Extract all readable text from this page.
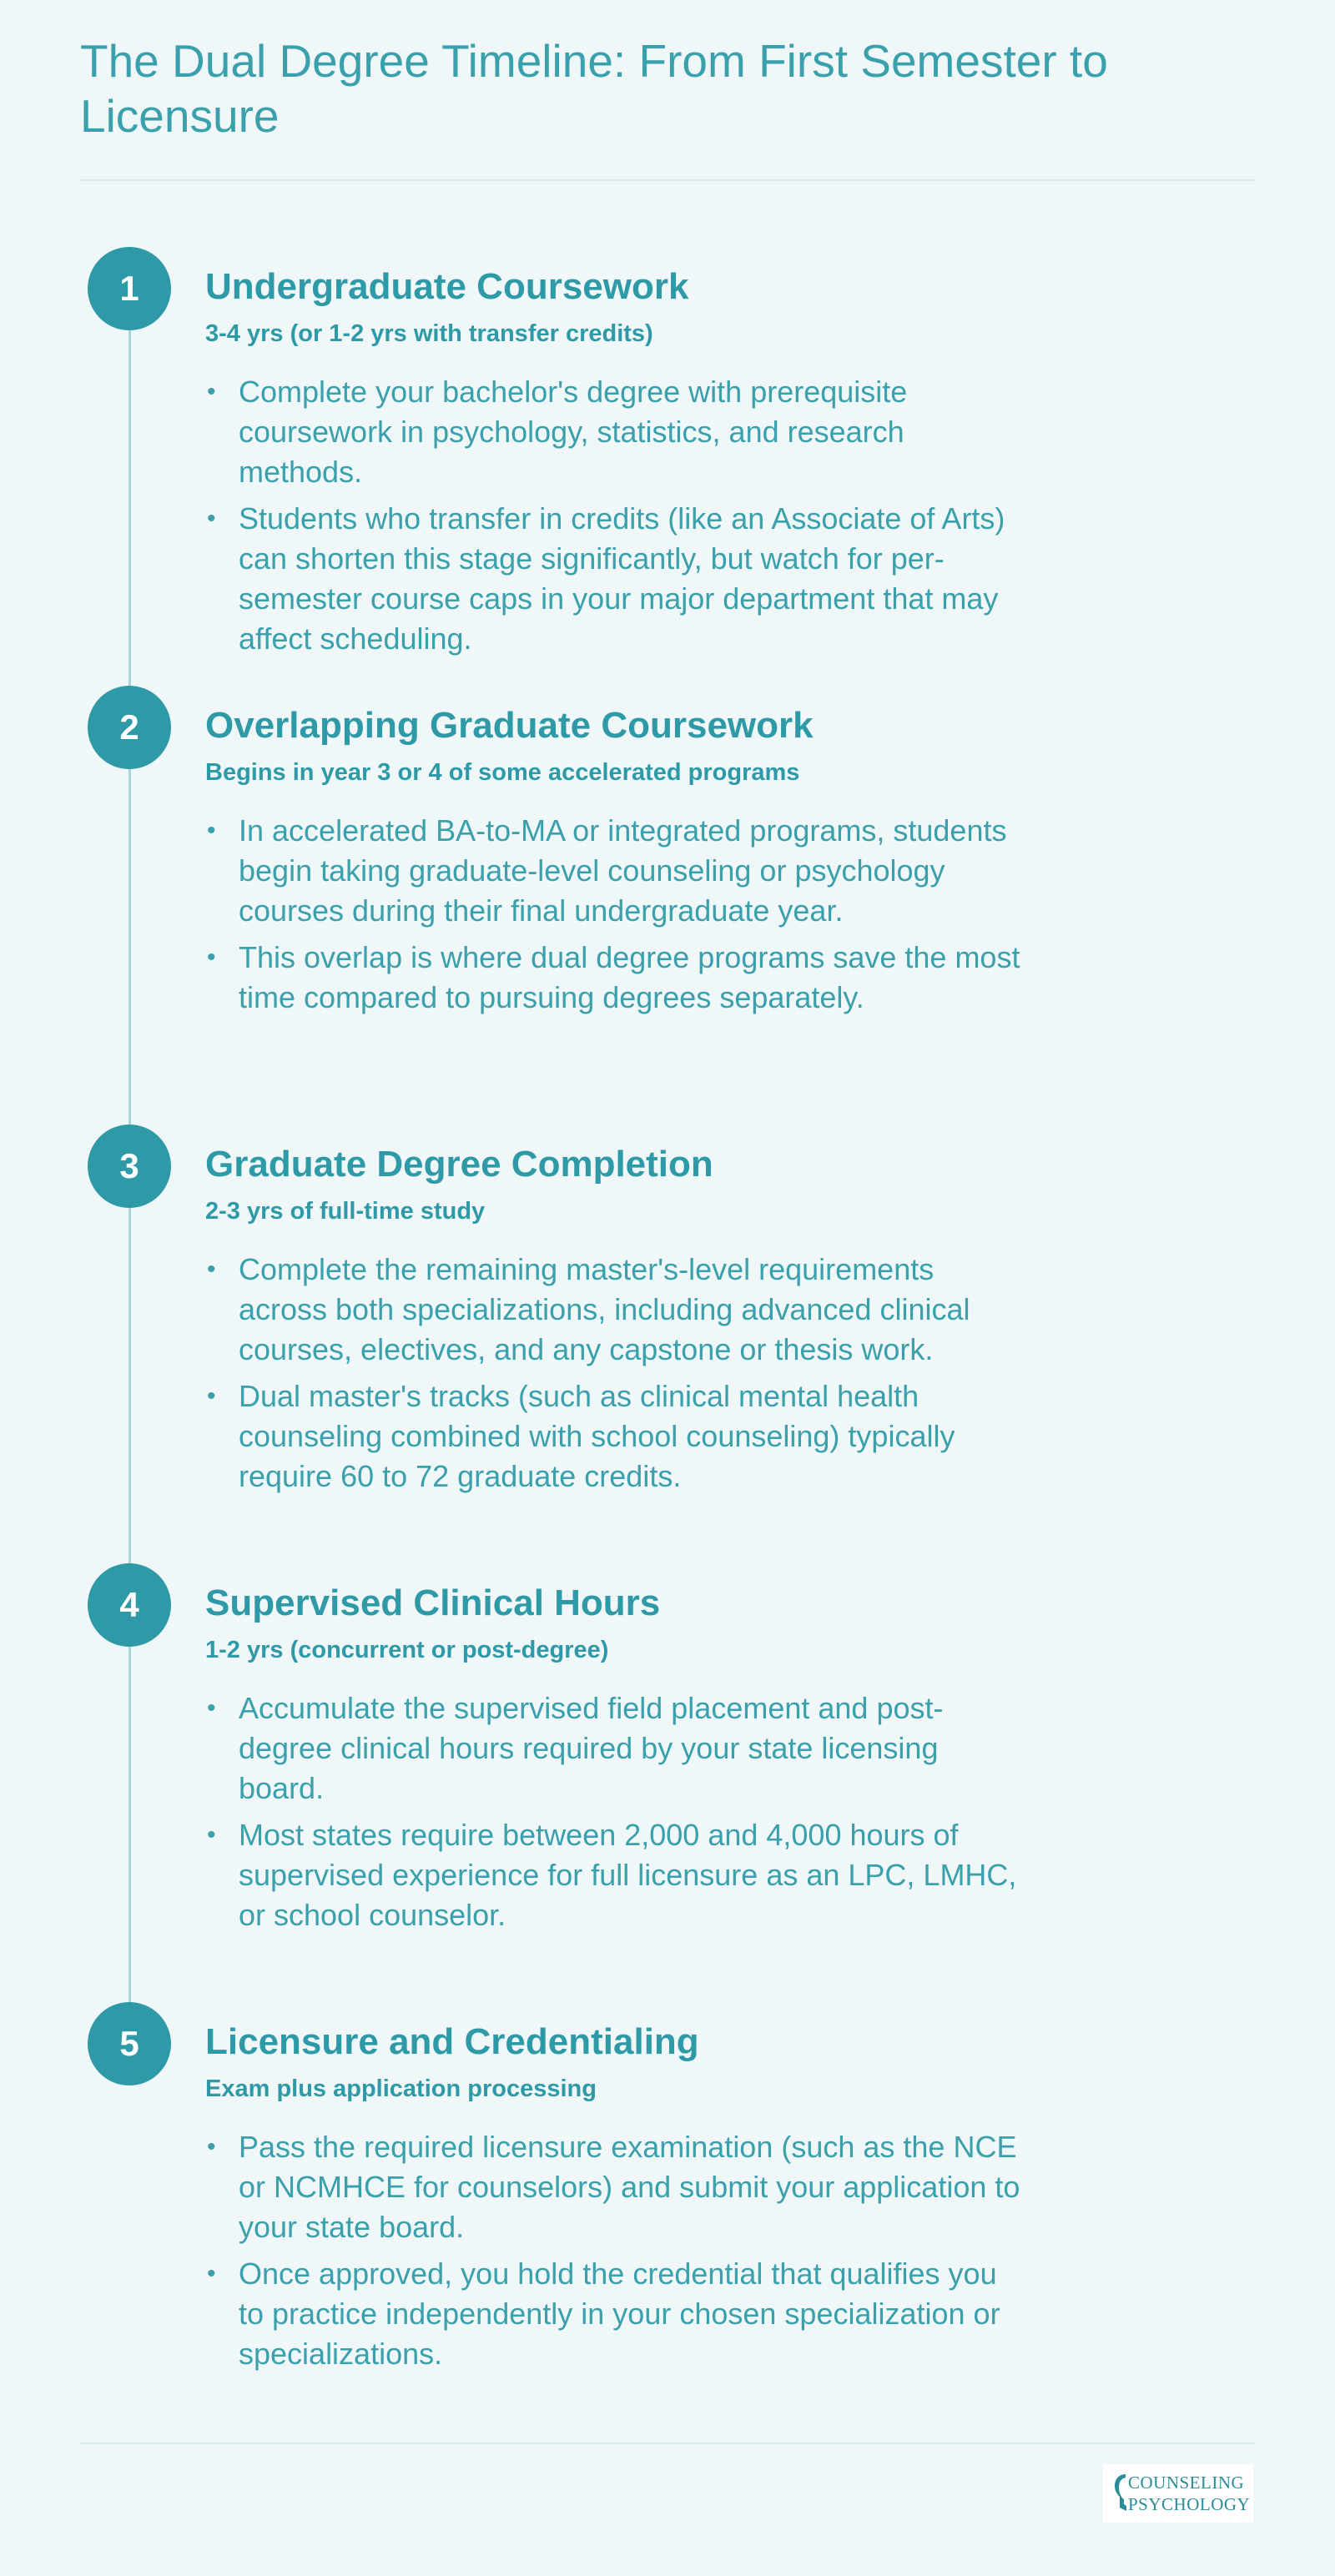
The Dual Degree Timeline: From First Semester to Licensure
1	Undergraduate Coursework
3-4 yrs (or 1-2 yrs with transfer credits)
• Complete your bachelor's degree with prerequisite coursework in psychology, statistics, and research methods.
• Students who transfer in credits (like an Associate of Arts) can shorten this stage significantly, but watch for per-semester course caps in your major department that may affect scheduling.
2	Overlapping Graduate Coursework
Begins in year 3 or 4 of some accelerated programs
• In accelerated BA-to-MA or integrated programs, students begin taking graduate-level counseling or psychology courses during their final undergraduate year.
• This overlap is where dual degree programs save the most time compared to pursuing degrees separately.
3	Graduate Degree Completion
2-3 yrs of full-time study
• Complete the remaining master's-level requirements across both specializations, including advanced clinical courses, electives, and any capstone or thesis work.
• Dual master's tracks (such as clinical mental health counseling combined with school counseling) typically require 60 to 72 graduate credits.
4	Supervised Clinical Hours
1-2 yrs (concurrent or post-degree)
• Accumulate the supervised field placement and post-degree clinical hours required by your state licensing board.
• Most states require between 2,000 and 4,000 hours of supervised experience for full licensure as an LPC, LMHC, or school counselor.
5	Licensure and Credentialing
Exam plus application processing
• Pass the required licensure examination (such as the NCE or NCMHCE for counselors) and submit your application to your state board.
• Once approved, you hold the credential that qualifies you to practice independently in your chosen specialization or specializations.
COUNSELING
PSYCHOLOGY
